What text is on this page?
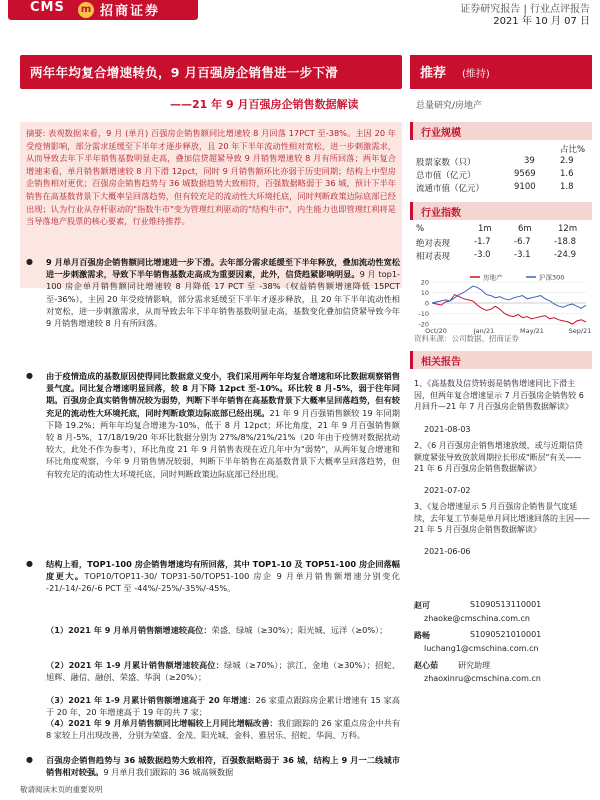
CMS m 招商证券	证券研究报告 | 行业点评报告
2021 年 10 月 07 日
两年年均复合增速转负，9 月百强房企销售进一步下滑
——21 年 9 月百强房企销售数据解读
推荐 (维持)
总量研究/房地产
摘要: 表观数据来看，9 月 (单月) 百强房企销售额同比增速较 8 月回落 17PCT 至-38%。主因 20 年受疫情影响，部分需求延缓至下半年才逐步释放，且 20 年下半年流动性相对宽松，进一步刺激需求，从而导致去年下半年销售基数明显走高，叠加信贷超紧导致 9 月销售增速较 8 月有所回落；两年复合增速来看，单月销售额增速较 8 月下滑 12pct，同时 9 月销售额环比亦弱于历史同期；结构上中型房企销售相对更优；百强房企销售趋势与 36 城数据趋势大致相符，百强数据略弱于 36 城，预计下半年销售在高基数背景下大概率呈回落趋势，但有较充足的流动性大环境托底，同时判断政策边际底部已经出现；认为行业从存杆驱动的"指数牛市"变为管理红利驱动的"结构牛市"，内生能力也即管理红利将是当导落地产股票的核心要素，行业维持推荐。
●	9 月单月百强房企销售额同比增速进一步下滑。去年部分需求延缓至下半年释放，叠加流动性宽松进一步刺激需求，导致下半年销售基数走高成为重要因素，此外，信贷趋紧影响明显。9 月 top1-100 房企单月销售额同比增速较 8 月降低 17 PCT 至 -38%（权益销售额增速降低 15PCT 至-36%），主因 20 年受疫情影响，部分需求延缓至下半年才逐步释放，且 20 年下半年流动性相对宽松，进一步刺激需求，从而导致去年下半年销售基数明显走高，基数变化叠加信贷紧导致今年 9 月销售增速较 8 月有所回落。
●	由于疫情造成的基数原因使得同比数据意义变小，我们采用两年年均复合增速和环比数据观察销售景气度。同比复合增速明显回落，较 8 月下降 12pct 至-10%。环比较 8 月-5%，弱于往年同期。百强房企真实销售情况较为弱势，判断下半年销售在高基数背景下大概率呈回落趋势，但有较充足的流动性大环境托底，同时判断政策边际底部已经出现。21 年 9 月百强销售额较 19 年同期下降 19.2%；两年年均复合增速为-10%，低于 8 月 12pct；环比角度，21 年 9 月百强销售额较 8 月-5%，17/18/19/20 年环比数据分别为 27%/8%/21%/21%（20 年由于疫情对数据扰动较大，此处不作为参考），环比角度 21 年 9 月销售表现在近几年中为"弱势"，从两年复合增速和环比角度观察，今年 9 月销售情况较弱，判断下半年销售在高基数背景下大概率呈回落趋势，但有较充足的流动性大环境托底，同时判断政策边际底部已经出现。
●	结构上看，TOP1-100 房企销售增速均有所回落，其中 TOP1-10 及 TOP51-100 房企回落幅度更大。TOP10/TOP11-30/ TOP31-50/TOP51-100 房企 9 月单月销售额增速分别变化 -21/-14/-26/-6 PCT 至 -44%/-25%/-35%/-45%。
（1）2021 年 9 月单月销售额增速较高位：荣盛、绿城（≥30%）；阳光城、远洋（≥0%）；
（2）2021 年 1-9 月累计销售额增速较高位：绿城（≥70%）；滨江、金地（≥30%）；招蛇、旭辉、融信、融创、荣盛、华润（≥20%）；
（3）2021 年 1-9 月累计销售额增速高于 20 年增速：26 家重点跟踪房企累计增速有 15 家高于 20 年，20 年增速高于 19 年的共 7 家；
（4）2021 年 9 月单月销售额同比增幅较上月同比增幅改善：我们跟踪的 26 家重点房企中共有 8 家较上月出现改善，分别为荣盛、金茂、阳光城、金科、雅居乐、招蛇、华润、万科。
●	百强房企销售趋势与 36 城数据趋势大致相符，百强数据略弱于 36 城，结构上 9 月一二线城市销售相对较强。9 月单月我们跟踪的 36 城高频数据
敬请阅读末页的重要说明
行业规模
占比%
股票家数（只）	39	2.9
总市值（亿元）	9569	1.6
流通市值（亿元）	9100	1.8
行业指数
%	1m	6m	12m
绝对表现	-1.7	-6.7	-18.8
相对表现	-3.0	-3.1	-24.9
20
10
0
-10
-20
Oct/20	Jan/21	May/21	Sep/21
房地产	沪深300
资料来源：公司数据、招商证券
相关报告
1、《高基数及信贷转弱是销售增速同比下滑主因，但两年复合增速显示 7 月百强房企销售较 6 月回升—21 年 7 月百强房企销售数据解读》
2021-08-03
2、《6 月百强房企销售增速放缓，或与近期信贷额度紧张导致放款周期拉长形成"断层"有关——21 年 6 月百强房企销售数据解读》
2021-07-02
3、《复合增速显示 5 月百强房企销售景气度延续，去年复工节奏是单月同比增速回落的主因——21 年 5 月百强房企销售数据解读》
2021-06-06
赵可	S1090513110001
zhaoke@cmschina.com.cn
路畅	S1090521010001
luchang1@cmschina.com.cn
赵心茹	研究助理
zhaoxinru@cmschina.com.cn
